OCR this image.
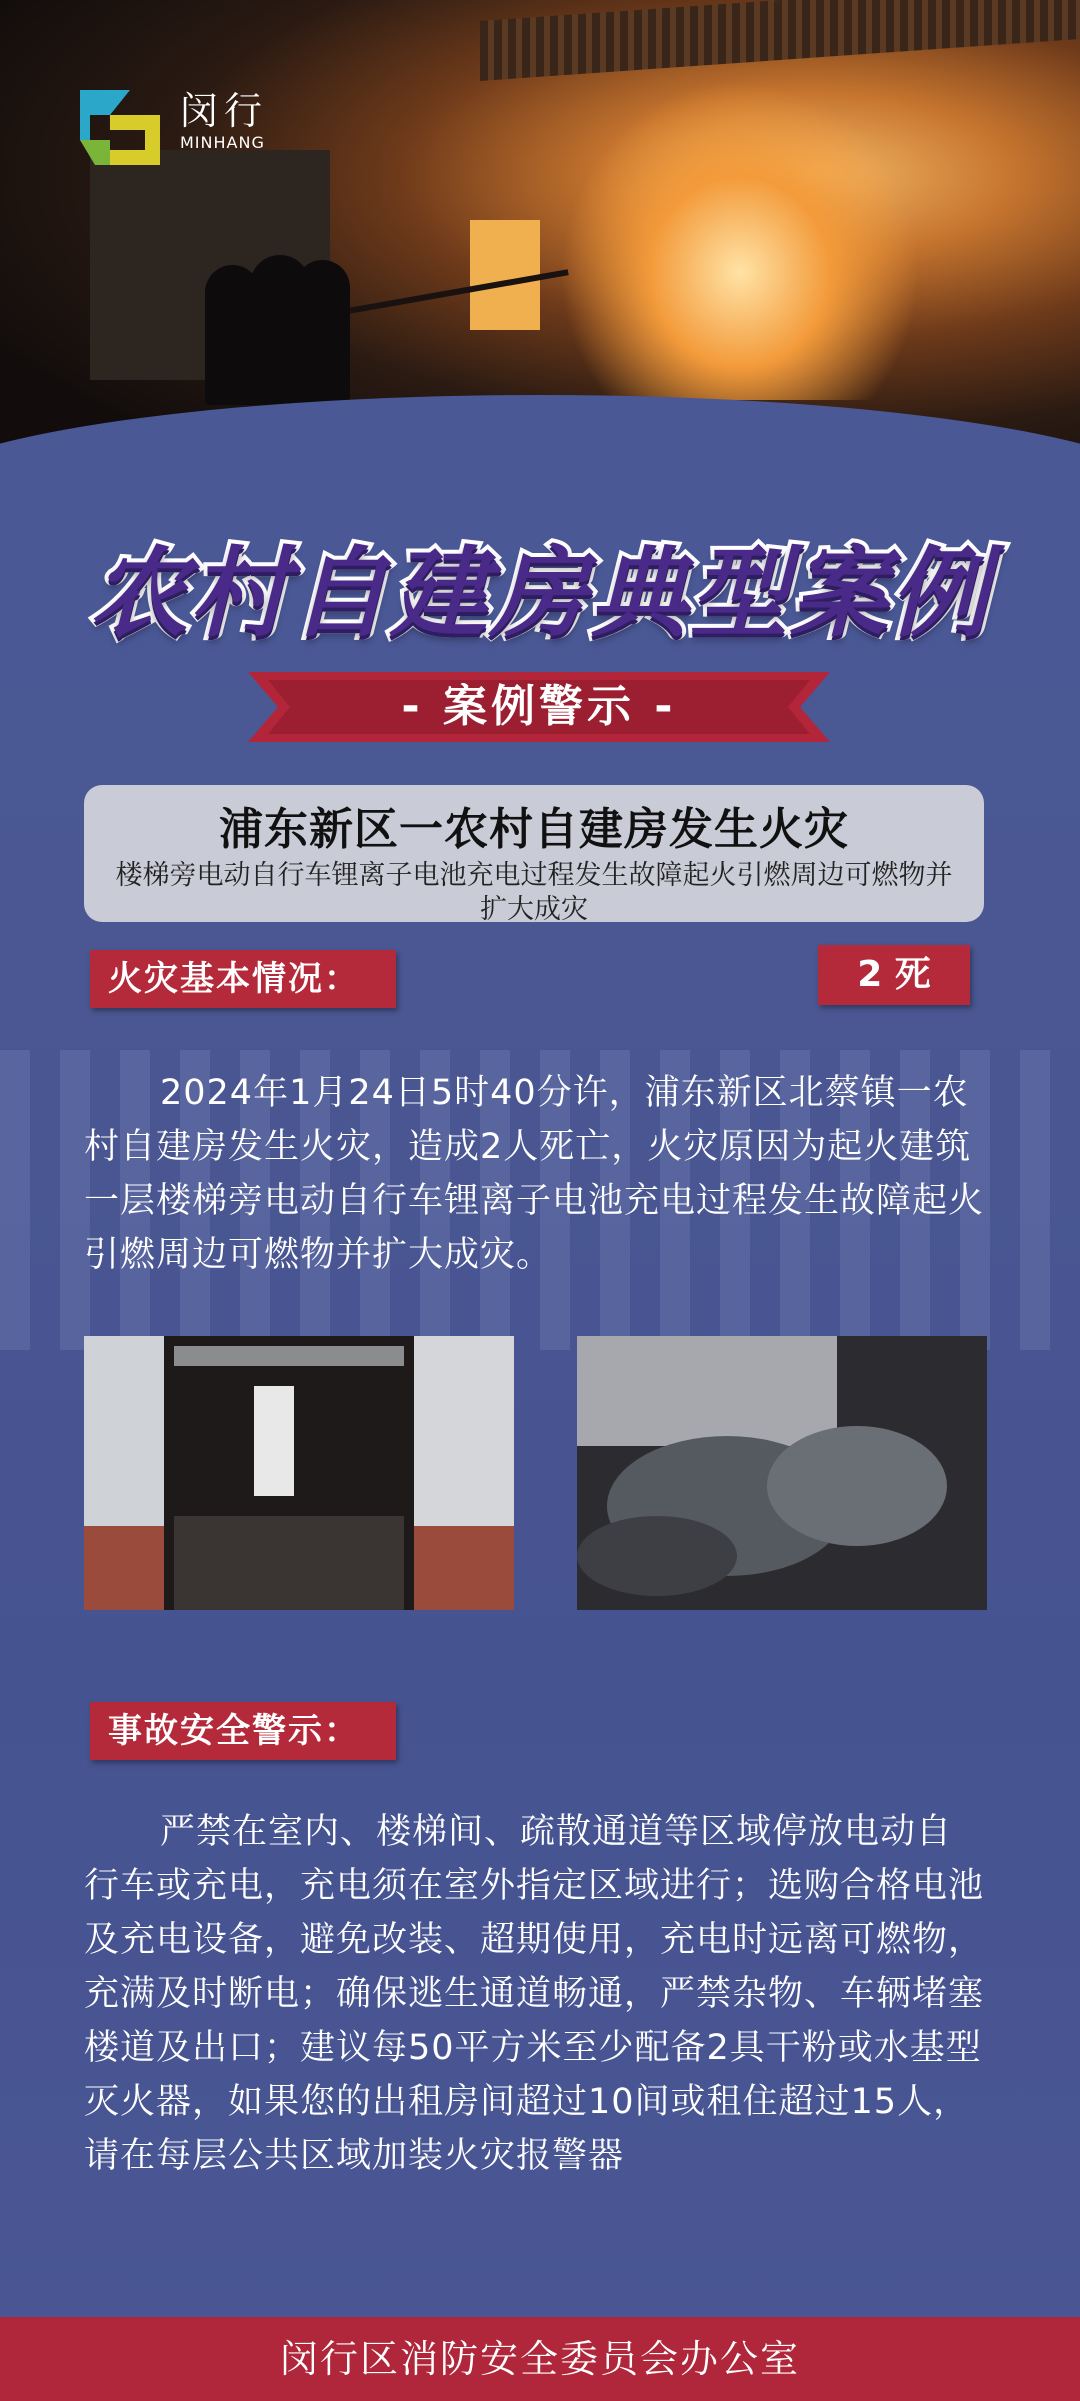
闵行
MINHANG
农村自建房典型案例
- 案例警示 -
浦东新区一农村自建房发生火灾
楼梯旁电动自行车锂离子电池充电过程发生故障起火引燃周边可燃物并扩大成灾
火灾基本情况：	2 死
2024年1月24日5时40分许，浦东新区北蔡镇一农村自建房发生火灾，造成2人死亡，火灾原因为起火建筑一层楼梯旁电动自行车锂离子电池充电过程发生故障起火引燃周边可燃物并扩大成灾。
事故安全警示：
严禁在室内、楼梯间、疏散通道等区域停放电动自行车或充电，充电须在室外指定区域进行；选购合格电池及充电设备，避免改装、超期使用，充电时远离可燃物，充满及时断电；确保逃生通道畅通，严禁杂物、车辆堵塞楼道及出口；建议每50平方米至少配备2具干粉或水基型灭火器，如果您的出租房间超过10间或租住超过15人，请在每层公共区域加装火灾报警器
闵行区消防安全委员会办公室
